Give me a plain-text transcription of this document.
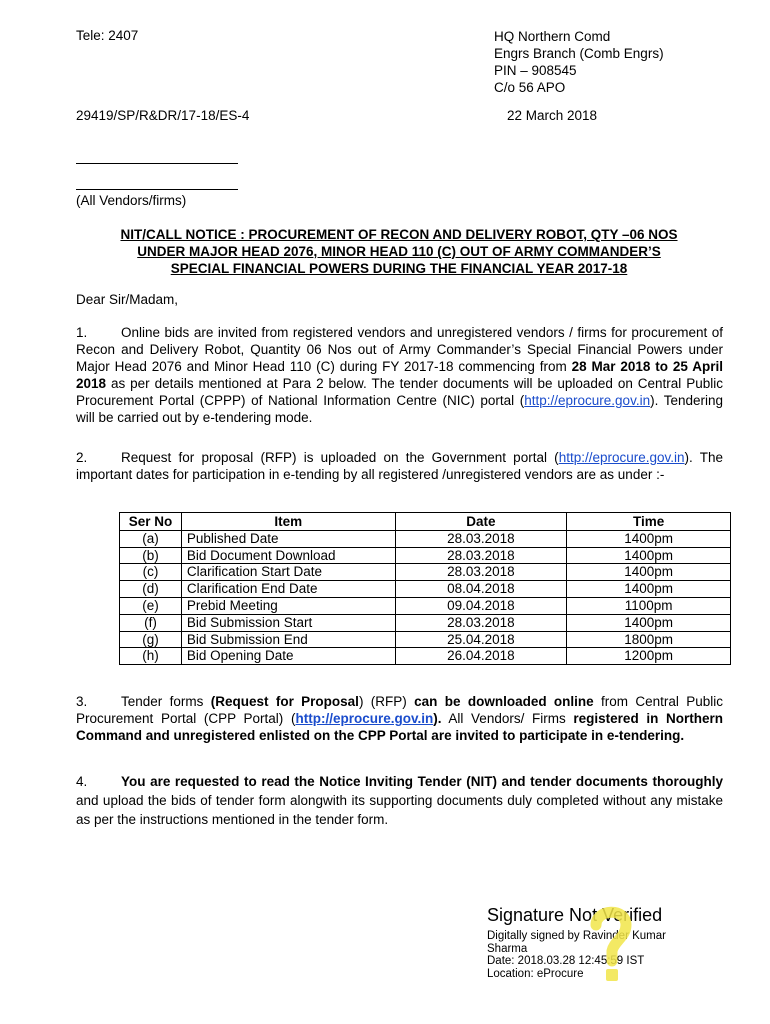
Tele: 2407	HQ Northern Comd
Engrs Branch (Comb Engrs)
PIN – 908545
C/o 56 APO
29419/SP/R&DR/17-18/ES-4	22 March 2018
(All Vendors/firms)
NIT/CALL NOTICE : PROCUREMENT OF RECON AND DELIVERY ROBOT, QTY –06 NOS
UNDER MAJOR HEAD 2076, MINOR HEAD 110 (C) OUT OF ARMY COMMANDER’S
SPECIAL FINANCIAL POWERS DURING THE FINANCIAL YEAR 2017-18
Dear Sir/Madam,
1. Online bids are invited from registered vendors and unregistered vendors / firms for procurement of Recon and Delivery Robot, Quantity 06 Nos out of Army Commander’s Special Financial Powers under Major Head 2076 and Minor Head 110 (C) during FY 2017-18 commencing from 28 Mar 2018 to 25 April 2018 as per details mentioned at Para 2 below. The tender documents will be uploaded on Central Public Procurement Portal (CPPP) of National Information Centre (NIC) portal (http://eprocure.gov.in). Tendering will be carried out by e-tendering mode.
2. Request for proposal (RFP) is uploaded on the Government portal (http://eprocure.gov.in). The important dates for participation in e-tending by all registered /unregistered vendors are as under :-
Ser No	Item	Date	Time
(a)	Published Date	28.03.2018	1400pm
(b)	Bid Document Download	28.03.2018	1400pm
(c)	Clarification Start Date	28.03.2018	1400pm
(d)	Clarification End Date	08.04.2018	1400pm
(e)	Prebid Meeting	09.04.2018	1100pm
(f)	Bid Submission Start	28.03.2018	1400pm
(g)	Bid Submission End	25.04.2018	1800pm
(h)	Bid Opening Date	26.04.2018	1200pm
3. Tender forms (Request for Proposal) (RFP) can be downloaded online from Central Public Procurement Portal (CPP Portal) (http://eprocure.gov.in). All Vendors/ Firms registered in Northern Command and unregistered enlisted on the CPP Portal are invited to participate in e-tendering.
4. You are requested to read the Notice Inviting Tender (NIT) and tender documents thoroughly and upload the bids of tender form alongwith its supporting documents duly completed without any mistake as per the instructions mentioned in the tender form.
Signature Not Verified
Digitally signed by Ravinder Kumar
Sharma
Date: 2018.03.28 12:45:59 IST
Location: eProcure
